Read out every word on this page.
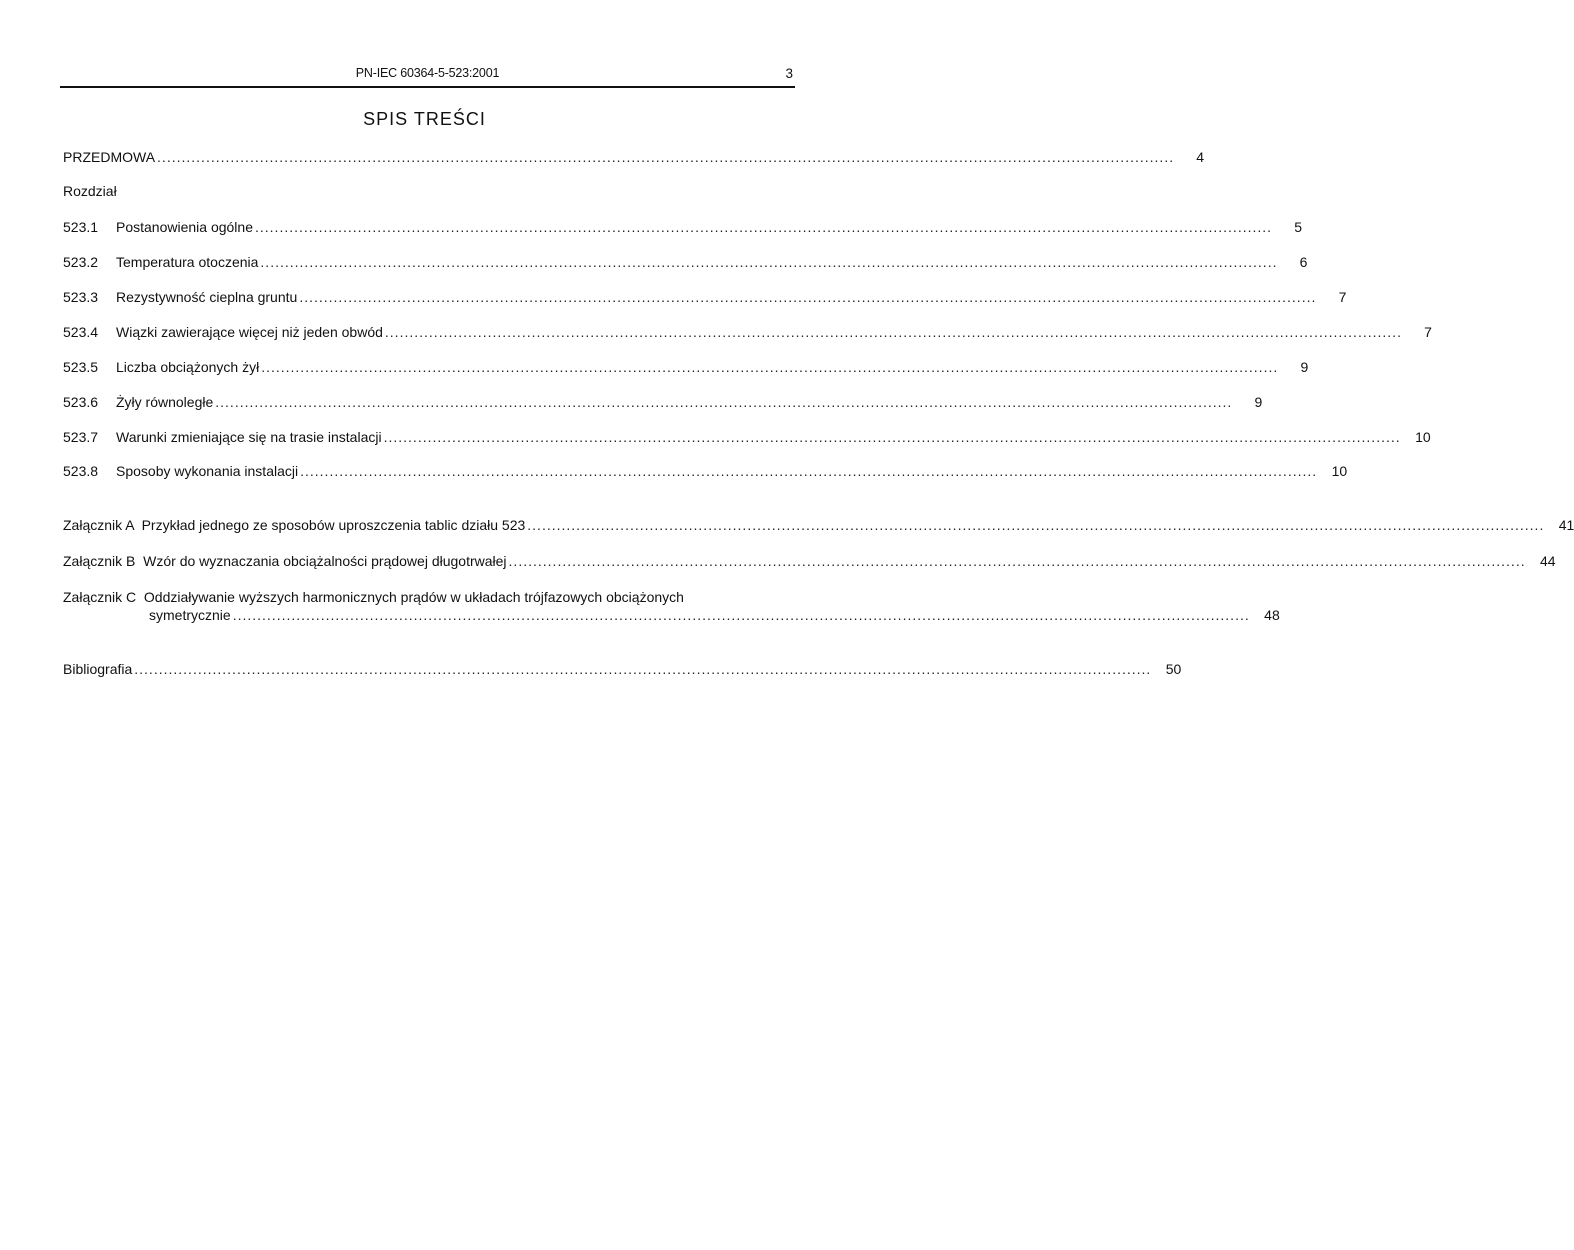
PN-IEC 60364-5-523:2001	3
SPIS TREŚCI
PRZEDMOWA ................................................................................................................................................................................................................	4
Rozdział
523.1	Postanowienia ogólne ................................................................................................................................................................................................................	5
523.2	Temperatura otoczenia ................................................................................................................................................................................................................	6
523.3	Rezystywność cieplna gruntu ................................................................................................................................................................................................................	7
523.4	Wiązki zawierające więcej niż jeden obwód ................................................................................................................................................................................................................	7
523.5	Liczba obciążonych żył ................................................................................................................................................................................................................	9
523.6	Żyły równoległe ................................................................................................................................................................................................................	9
523.7	Warunki zmieniające się na trasie instalacji ................................................................................................................................................................................................................	10
523.8	Sposoby wykonania instalacji ................................................................................................................................................................................................................	10
Załącznik A  Przykład jednego ze sposobów uproszczenia tablic działu 523 ................................................................................................................................................................................................................	41
Załącznik B  Wzór do wyznaczania obciążalności prądowej długotrwałej ................................................................................................................................................................................................................	44
Załącznik C  Oddziaływanie wyższych harmonicznych prądów w układach trójfazowych obciążonych
symetrycznie ................................................................................................................................................................................................................	48
Bibliografia ................................................................................................................................................................................................................	50
